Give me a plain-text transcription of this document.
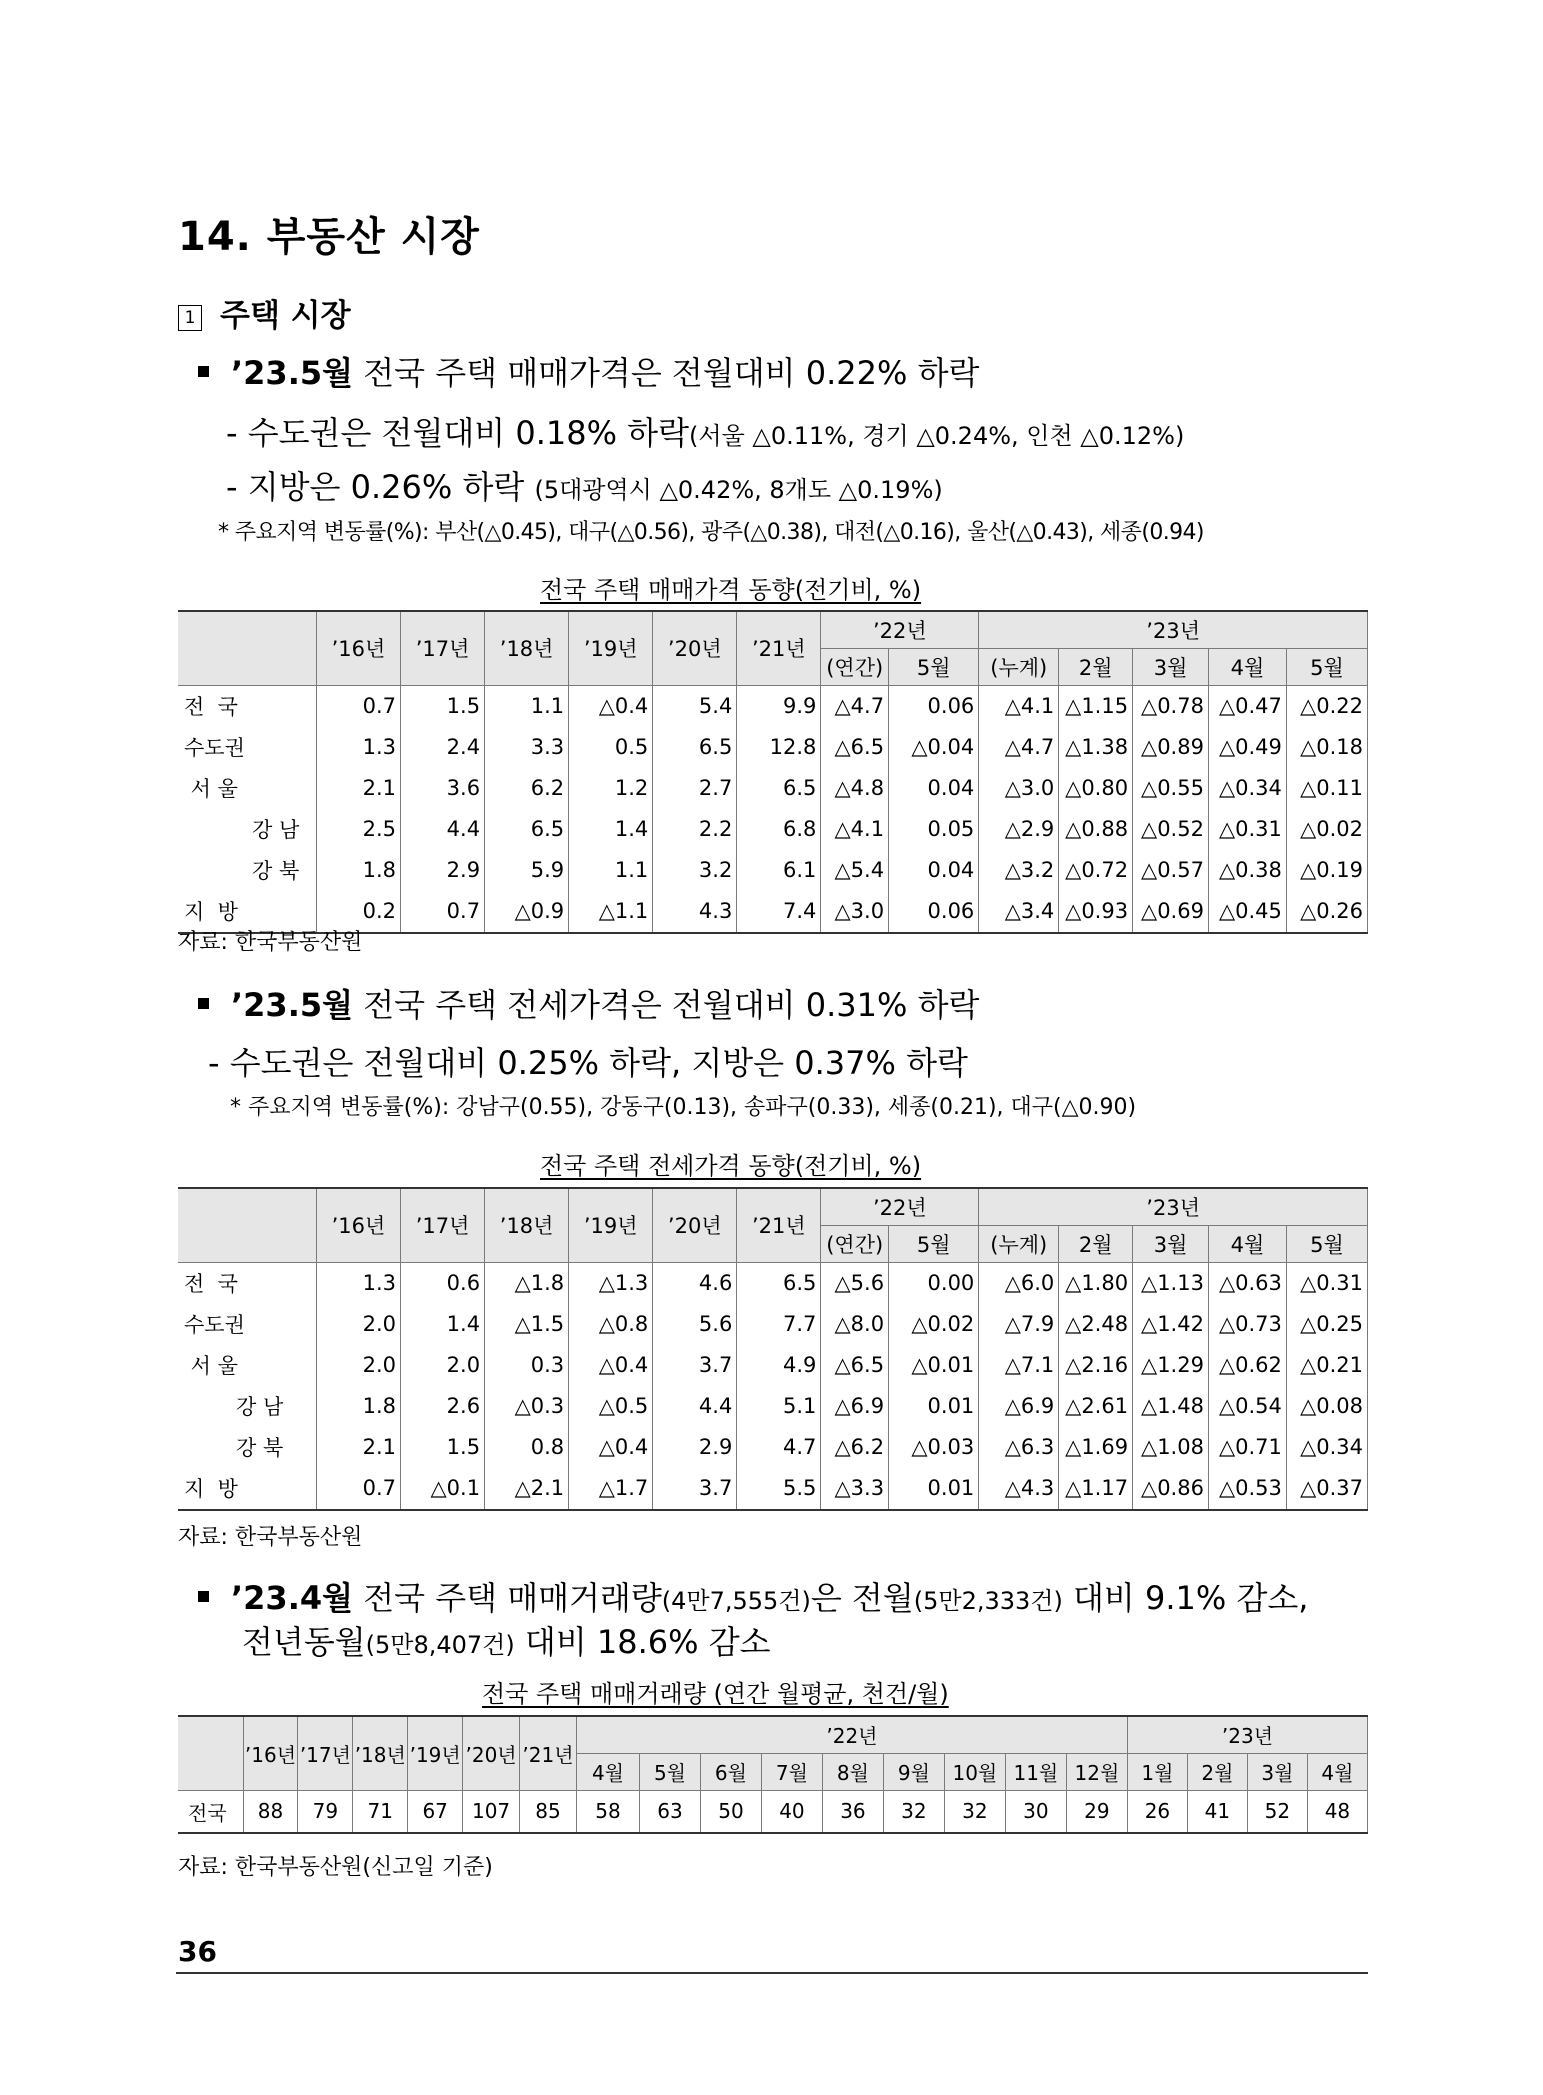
14. 부동산 시장
1 주택 시장
’23.5월 전국 주택 매매가격은 전월대비 0.22% 하락
- 수도권은 전월대비 0.18% 하락(서울 △0.11%, 경기 △0.24%, 인천 △0.12%)
- 지방은 0.26% 하락 (5대광역시 △0.42%, 8개도 △0.19%)
* 주요지역 변동률(%): 부산(△0.45), 대구(△0.56), 광주(△0.38), 대전(△0.16), 울산(△0.43), 세종(0.94)
전국 주택 매매가격 동향(전기비, %)
	’16년	’17년	’18년	’19년	’20년	’21년	’22년		’23년				
							(연간)	5월	(누계)	2월	3월	4월	5월
전  국	0.7	1.5	1.1	△0.4	5.4	9.9	△4.7	0.06	△4.1	△1.15	△0.78	△0.47	△0.22
수도권	1.3	2.4	3.3	0.5	6.5	12.8	△6.5	△0.04	△4.7	△1.38	△0.89	△0.49	△0.18
서 울	2.1	3.6	6.2	1.2	2.7	6.5	△4.8	0.04	△3.0	△0.80	△0.55	△0.34	△0.11
강 남	2.5	4.4	6.5	1.4	2.2	6.8	△4.1	0.05	△2.9	△0.88	△0.52	△0.31	△0.02
강 북	1.8	2.9	5.9	1.1	3.2	6.1	△5.4	0.04	△3.2	△0.72	△0.57	△0.38	△0.19
지  방	0.2	0.7	△0.9	△1.1	4.3	7.4	△3.0	0.06	△3.4	△0.93	△0.69	△0.45	△0.26
자료: 한국부동산원
’23.5월 전국 주택 전세가격은 전월대비 0.31% 하락
- 수도권은 전월대비 0.25% 하락, 지방은 0.37% 하락
* 주요지역 변동률(%): 강남구(0.55), 강동구(0.13), 송파구(0.33), 세종(0.21), 대구(△0.90)
전국 주택 전세가격 동향(전기비, %)
	’16년	’17년	’18년	’19년	’20년	’21년	’22년		’23년				
							(연간)	5월	(누계)	2월	3월	4월	5월
전  국	1.3	0.6	△1.8	△1.3	4.6	6.5	△5.6	0.00	△6.0	△1.80	△1.13	△0.63	△0.31
수도권	2.0	1.4	△1.5	△0.8	5.6	7.7	△8.0	△0.02	△7.9	△2.48	△1.42	△0.73	△0.25
서 울	2.0	2.0	0.3	△0.4	3.7	4.9	△6.5	△0.01	△7.1	△2.16	△1.29	△0.62	△0.21
강 남	1.8	2.6	△0.3	△0.5	4.4	5.1	△6.9	0.01	△6.9	△2.61	△1.48	△0.54	△0.08
강 북	2.1	1.5	0.8	△0.4	2.9	4.7	△6.2	△0.03	△6.3	△1.69	△1.08	△0.71	△0.34
지  방	0.7	△0.1	△2.1	△1.7	3.7	5.5	△3.3	0.01	△4.3	△1.17	△0.86	△0.53	△0.37
자료: 한국부동산원
’23.4월 전국 주택 매매거래량(4만7,555건)은 전월(5만2,333건) 대비 9.1% 감소,
전년동월(5만8,407건) 대비 18.6% 감소
전국 주택 매매거래량 (연간 월평균, 천건/월)
	’16년	’17년	’18년	’19년	’20년	’21년	’22년									’23년			
							4월	5월	6월	7월	8월	9월	10월	11월	12월	1월	2월	3월	4월
전국	88	79	71	67	107	85	58	63	50	40	36	32	32	30	29	26	41	52	48
자료: 한국부동산원(신고일 기준)
36
